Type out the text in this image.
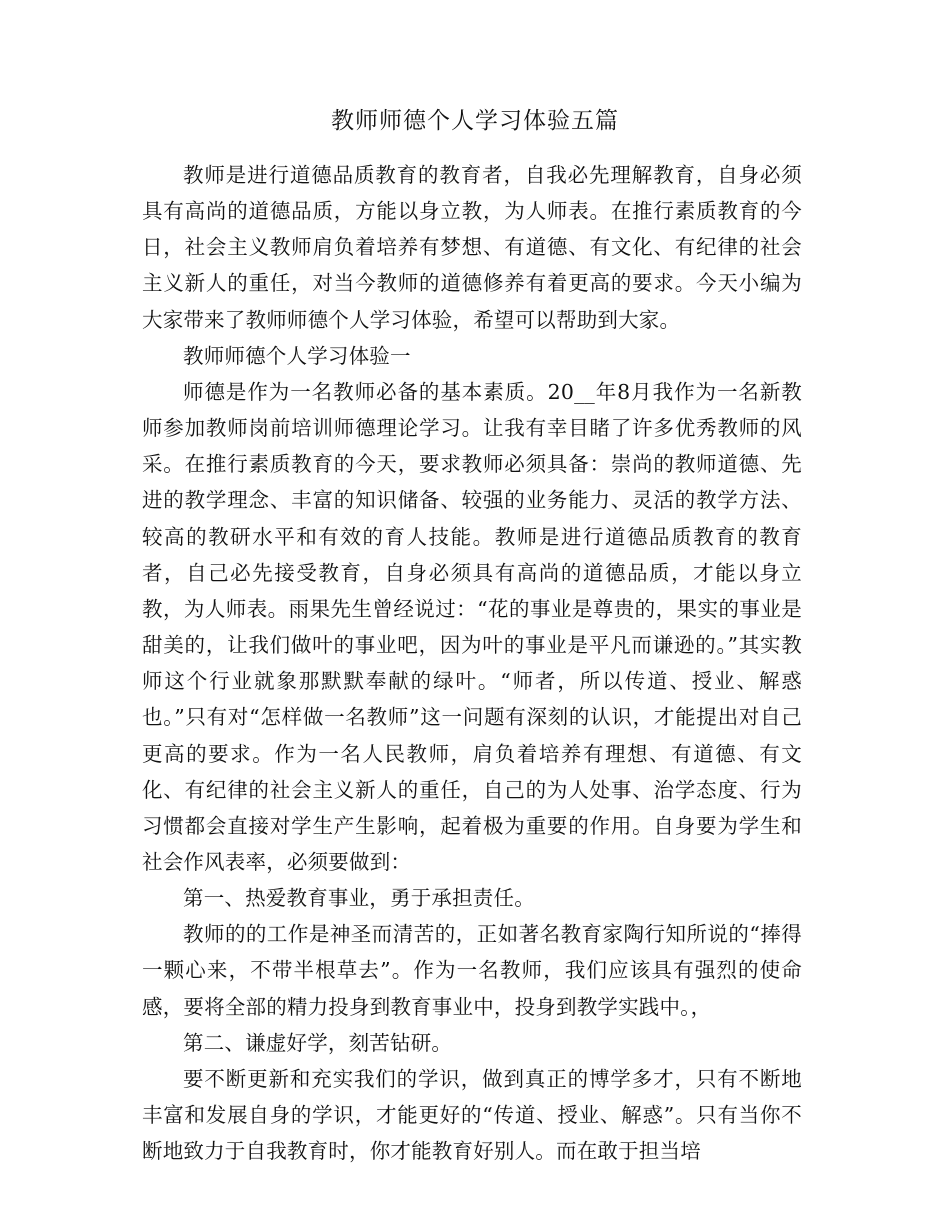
教师师德个人学习体验五篇

教师是进行道德品质教育的教育者，自我必先理解教育，自身必须具有高尚的道德品质，方能以身立教，为人师表。在推行素质教育的今日，社会主义教师肩负着培养有梦想、有道德、有文化、有纪律的社会主义新人的重任，对当今教师的道德修养有着更高的要求。今天小编为大家带来了教师师德个人学习体验，希望可以帮助到大家。

教师师德个人学习体验一

师德是作为一名教师必备的基本素质。20__年8月我作为一名新教师参加教师岗前培训师德理论学习。让我有幸目睹了许多优秀教师的风采。在推行素质教育的今天，要求教师必须具备：崇尚的教师道德、先进的教学理念、丰富的知识储备、较强的业务能力、灵活的教学方法、较高的教研水平和有效的育人技能。教师是进行道德品质教育的教育者，自己必先接受教育，自身必须具有高尚的道德品质，才能以身立教，为人师表。雨果先生曾经说过：“花的事业是尊贵的，果实的事业是甜美的，让我们做叶的事业吧，因为叶的事业是平凡而谦逊的。”其实教师这个行业就象那默默奉献的绿叶。“师者，所以传道、授业、解惑也。”只有对“怎样做一名教师”这一问题有深刻的认识，才能提出对自己更高的要求。作为一名人民教师，肩负着培养有理想、有道德、有文化、有纪律的社会主义新人的重任，自己的为人处事、治学态度、行为习惯都会直接对学生产生影响，起着极为重要的作用。自身要为学生和社会作风表率，必须要做到：

第一、热爱教育事业，勇于承担责任。

教师的的工作是神圣而清苦的，正如著名教育家陶行知所说的“捧得一颗心来，不带半根草去”。作为一名教师，我们应该具有强烈的使命感，要将全部的精力投身到教育事业中，投身到教学实践中。，

第二、谦虚好学，刻苦钻研。

要不断更新和充实我们的学识，做到真正的博学多才，只有不断地丰富和发展自身的学识，才能更好的“传道、授业、解惑”。只有当你不断地致力于自我教育时，你才能教育好别人。而在敢于担当培
